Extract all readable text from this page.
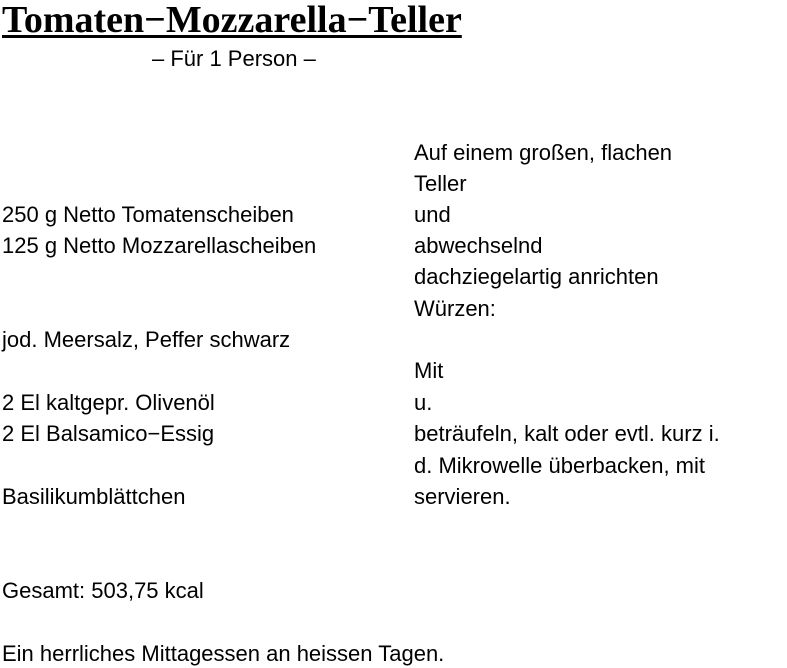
Tomaten−Mozzarella−Teller
– Für 1 Person –
Auf einem großen, flachen
Teller
und
abwechselnd
dachziegelartig anrichten
Würzen:
Mit
u.
beträufeln, kalt oder evtl. kurz i.
d. Mikrowelle überbacken, mit
servieren.
250 g Netto Tomatenscheiben
125 g Netto Mozzarellascheiben
jod. Meersalz, Peffer schwarz
2 El kaltgepr. Olivenöl
2 El Balsamico−Essig
Basilikumblättchen
Gesamt: 503,75 kcal
Ein herrliches Mittagessen an heissen Tagen.
